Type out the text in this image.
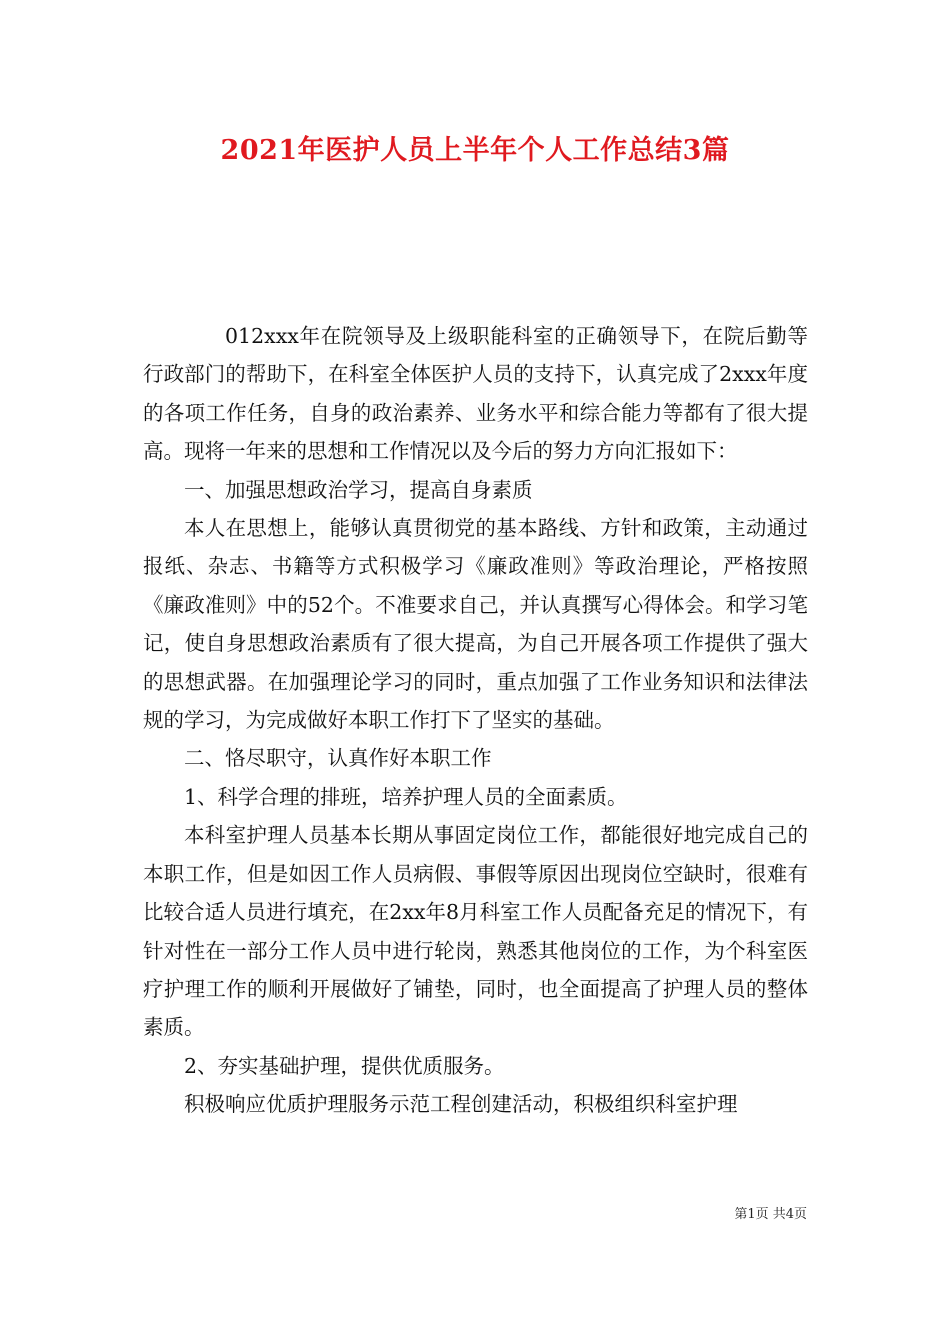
2021年医护人员上半年个人工作总结3篇

012xxx年在院领导及上级职能科室的正确领导下，在院后勤等行政部门的帮助下，在科室全体医护人员的支持下，认真完成了2xxx年度的各项工作任务，自身的政治素养、业务水平和综合能力等都有了很大提高。现将一年来的思想和工作情况以及今后的努力方向汇报如下：

一、加强思想政治学习，提高自身素质

本人在思想上，能够认真贯彻党的基本路线、方针和政策，主动通过报纸、杂志、书籍等方式积极学习《廉政准则》等政治理论，严格按照《廉政准则》中的52个。不准要求自己，并认真撰写心得体会。和学习笔记，使自身思想政治素质有了很大提高，为自己开展各项工作提供了强大的思想武器。在加强理论学习的同时，重点加强了工作业务知识和法律法规的学习，为完成做好本职工作打下了坚实的基础。

二、恪尽职守，认真作好本职工作

1、科学合理的排班，培养护理人员的全面素质。

本科室护理人员基本长期从事固定岗位工作，都能很好地完成自己的本职工作，但是如因工作人员病假、事假等原因出现岗位空缺时，很难有比较合适人员进行填充，在2xx年8月科室工作人员配备充足的情况下，有针对性在一部分工作人员中进行轮岗，熟悉其他岗位的工作，为个科室医疗护理工作的顺利开展做好了铺垫，同时，也全面提高了护理人员的整体素质。

2、夯实基础护理，提供优质服务。

积极响应优质护理服务示范工程创建活动，积极组织科室护理

第1页 共4页
